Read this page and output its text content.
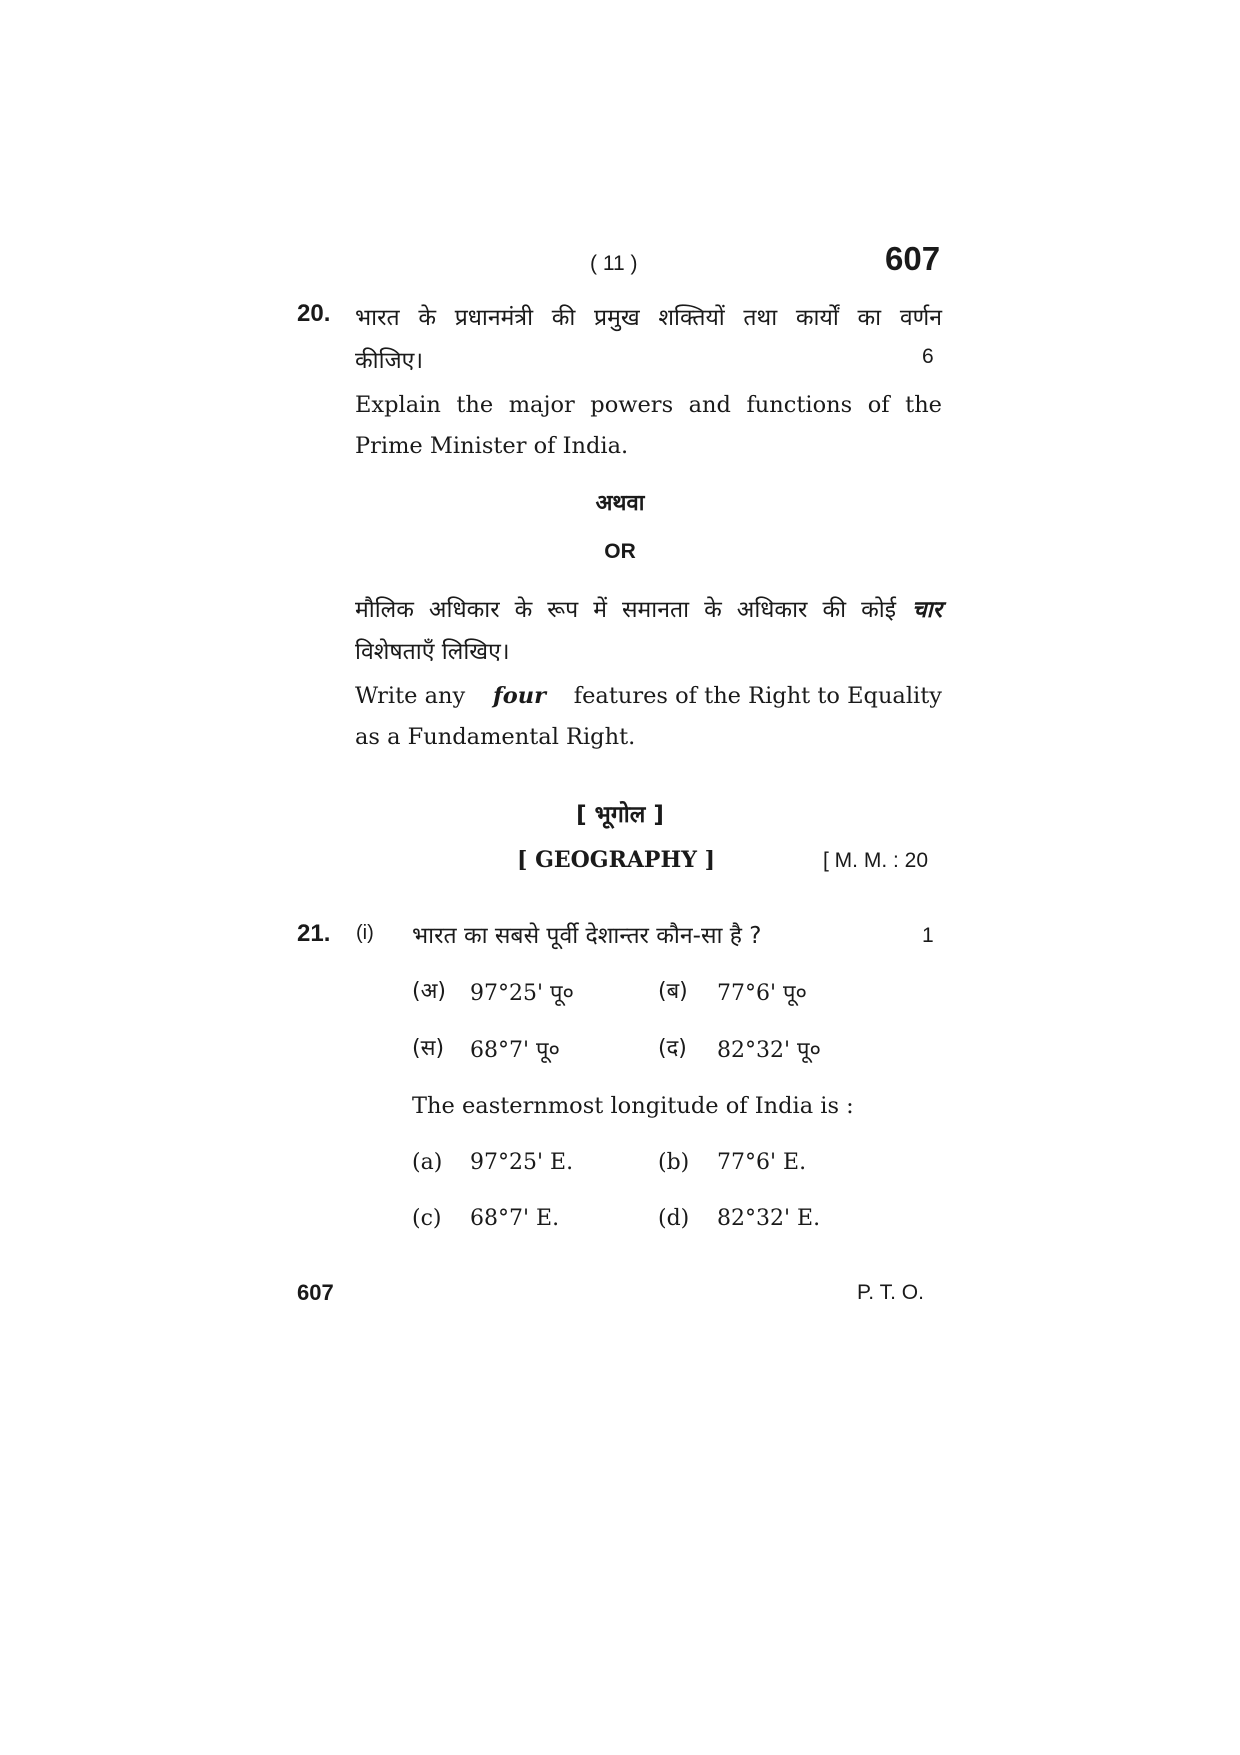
( 11 )	607
20. भारत के प्रधानमंत्री की प्रमुख शक्तियों तथा कार्यों का वर्णन
कीजिए।	6
Explain the major powers and functions of the
Prime Minister of India.
अथवा
OR
मौलिक अधिकार के रूप में समानता के अधिकार की कोई चार
विशेषताएँ लिखिए।
Write any four features of the Right to Equality
as a Fundamental Right.
[ भूगोल ]
[ GEOGRAPHY ]	[ M. M. : 20
21. (i) भारत का सबसे पूर्वी देशान्तर कौन-सा है ?	1
(अ) 97°25' पू०	(ब) 77°6' पू०
(स) 68°7' पू०	(द) 82°32' पू०
The easternmost longitude of India is :
(a) 97°25' E.	(b) 77°6' E.
(c) 68°7' E.	(d) 82°32' E.
607	P. T. O.
